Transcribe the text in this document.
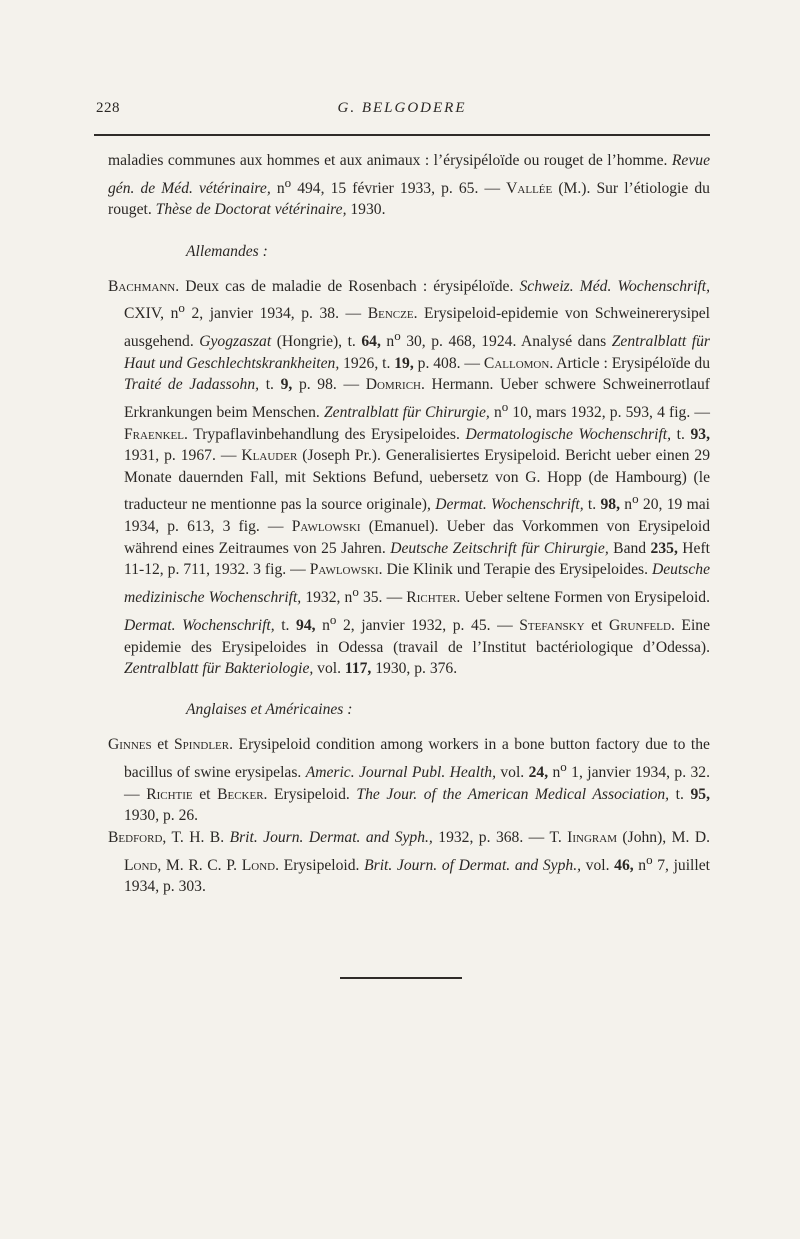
228	G. BELGODERE

maladies communes aux hommes et aux animaux : l’érysipéloïde ou rouget de l’homme. Revue gén. de Méd. vétérinaire, $n^o$ 494, 15 février 1933, p. 65. — Vallée (M.). Sur l’étiologie du rouget. Thèse de Doctorat vétérinaire, 1930.

Allemandes :

Bachmann. Deux cas de maladie de Rosenbach : érysipéloïde. Schweiz. Méd. Wochenschrift, CXIV, $n^o$ 2, janvier 1934, p. 38. — Bencze. Erysipeloid-epidemie von Schweinererysipel ausgehend. Gyogzaszat (Hongrie), t. 64, $n^o$ 30, p. 468, 1924. Analysé dans Zentralblatt für Haut und Geschlechtskrankheiten, 1926, t. 19, p. 408. — Callomon. Article : Erysipéloïde du Traité de Jadassohn, t. 9, p. 98. — Domrich. Hermann. Ueber schwere Schweinerrotlauf Erkrankungen beim Menschen. Zentralblatt für Chirurgie, $n^o$ 10, mars 1932, p. 593, 4 fig. — Fraenkel. Trypaflavinbehandlung des Erysipeloides. Dermatologische Wochenschrift, t. 93, 1931, p. 1967. — Klauder (Joseph Pr.). Generalisiertes Erysipeloid. Bericht ueber einen 29 Monate dauernden Fall, mit Sektions Befund, uebersetz von G. Hopp (de Hambourg) (le traducteur ne mentionne pas la source originale), Dermat. Wochenschrift, t. 98, $n^o$ 20, 19 mai 1934, p. 613, 3 fig. — Pawlowski (Emanuel). Ueber das Vorkommen von Erysipeloid während eines Zeitraumes von 25 Jahren. Deutsche Zeitschrift für Chirurgie, Band 235, Heft 11-12, p. 711, 1932. 3 fig. — Pawlowski. Die Klinik und Terapie des Erysipeloides. Deutsche medizinische Wochenschrift, 1932, $n^o$ 35. — Richter. Ueber seltene Formen von Erysipeloid. Dermat. Wochenschrift, t. 94, $n^o$ 2, janvier 1932, p. 45. — Stefansky et Grunfeld. Eine epidemie des Erysipeloides in Odessa (travail de l’Institut bactériologique d’Odessa). Zentralblatt für Bakteriologie, vol. 117, 1930, p. 376.

Anglaises et Américaines :

Ginnes et Spindler. Erysipeloid condition among workers in a bone button factory due to the bacillus of swine erysipelas. Americ. Journal Publ. Health, vol. 24, $n^o$ 1, janvier 1934, p. 32. — Richtie et Becker. Erysipeloid. The Jour. of the American Medical Association, t. 95, 1930, p. 26.

Bedford, T. H. B. Brit. Journ. Dermat. and Syph., 1932, p. 368. — T. Iingram (John), M. D. Lond, M. R. C. P. Lond. Erysipeloid. Brit. Journ. of Dermat. and Syph., vol. 46, $n^o$ 7, juillet 1934, p. 303.
